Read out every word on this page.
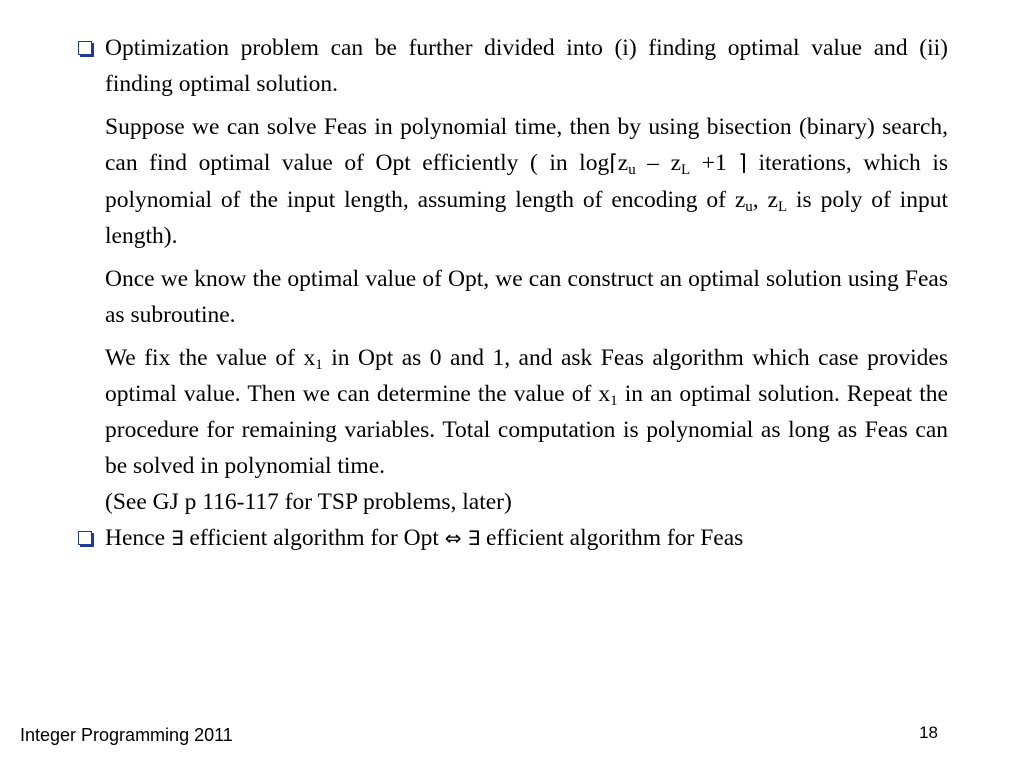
Optimization problem can be further divided into (i) finding optimal value and (ii) finding optimal solution.
Suppose we can solve Feas in polynomial time, then by using bisection (binary) search, can find optimal value of Opt efficiently ( in $\log⌈z_u - z_L +1$ ⌉ iterations, which is polynomial of the input length, assuming length of encoding of $z_u$, $z_L$ is poly of input length).
Once we know the optimal value of Opt, we can construct an optimal solution using Feas as subroutine.
We fix the value of $x_1$ in Opt as 0 and 1, and ask Feas algorithm which case provides optimal value. Then we can determine the value of $x_1$ in an optimal solution. Repeat the procedure for remaining variables. Total computation is polynomial as long as Feas can be solved in polynomial time.
(See GJ p 116-117 for TSP problems, later)
Hence ∃ efficient algorithm for Opt ⇔ ∃ efficient algorithm for Feas
Integer Programming 2011	18
